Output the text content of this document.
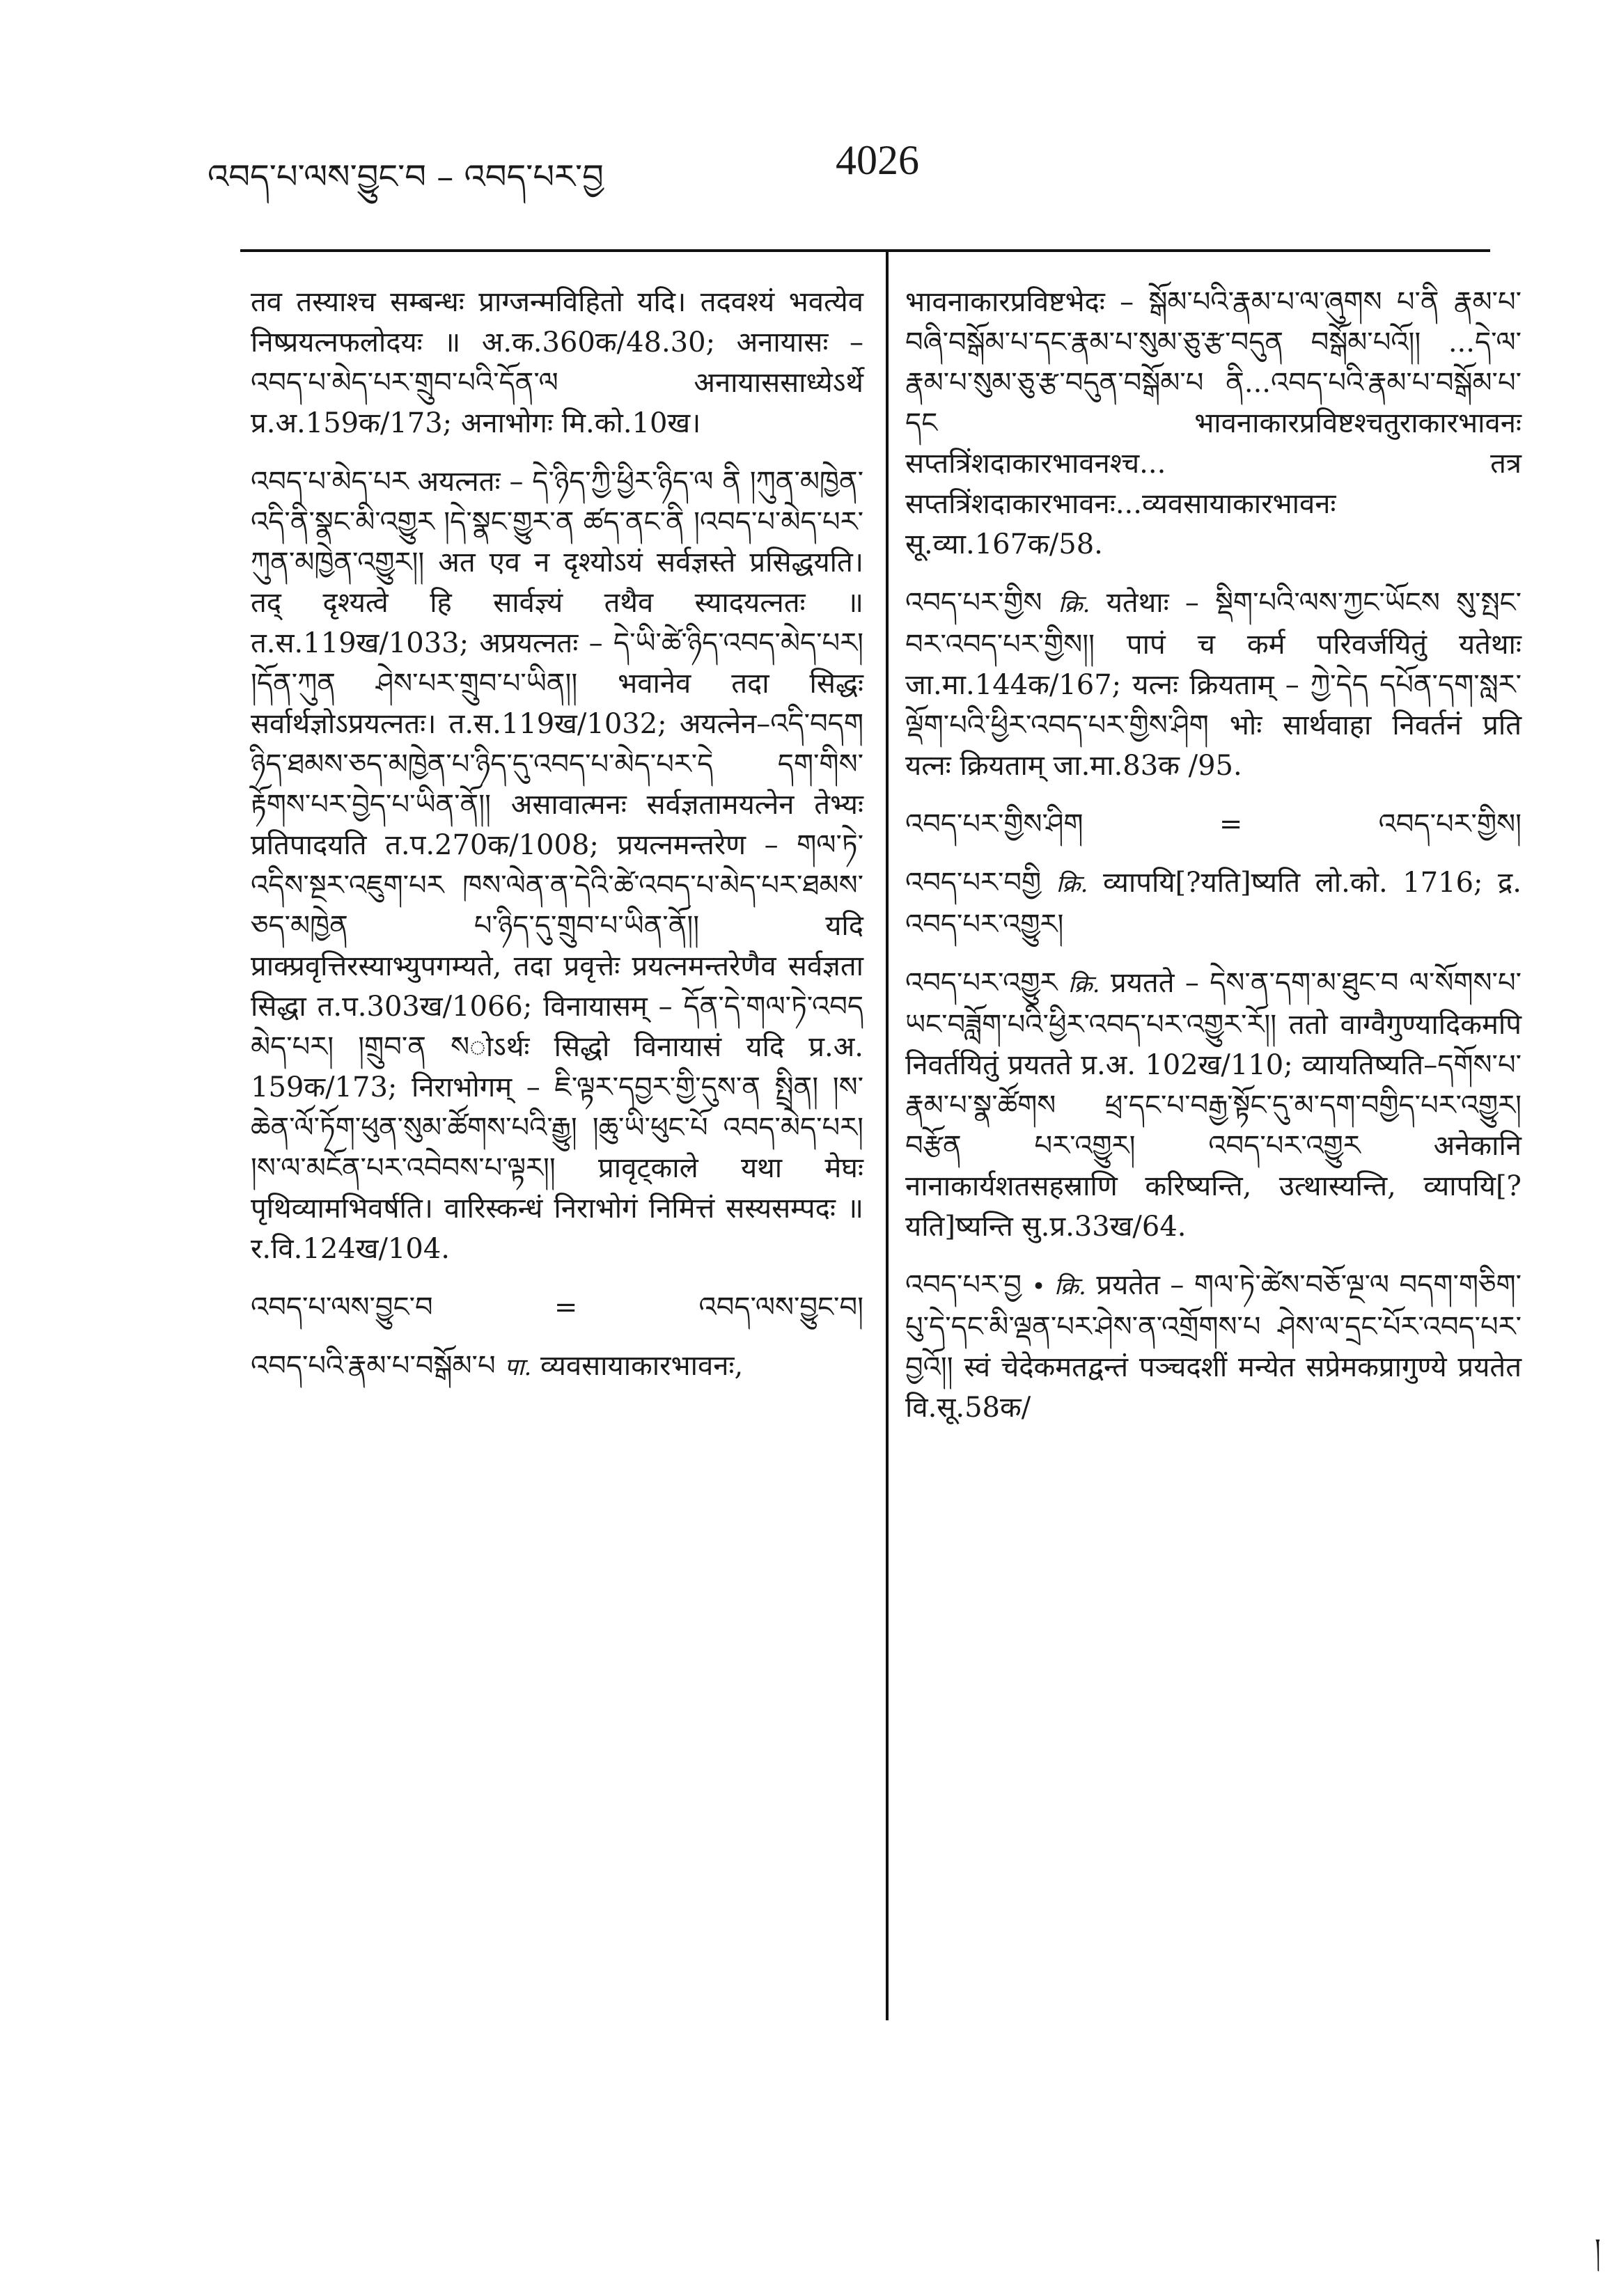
འབད་པ་ལས་བྱུང་བ – འབད་པར་བྱ	4026
तव तस्याश्च सम्बन्धः प्राग्जन्मविहितो यदि। तदवश्यं भवत्येव निष्प्रयत्नफलोदयः ॥ अ.क.360क/48.30; अनायासः – འབད་པ་མེད་པར་གྲུབ་པའི་དོན་ལ अनायाससाध्येऽर्थे प्र.अ.159क/173; अनाभोगः मि.को.10ख।
འབད་པ་མེད་པར अयत्नतः – དེ་ཉིད་ཀྱི་ཕྱིར་ཉིད་ལ ནི །ཀུན་མཁྱེན་འདི་ནི་སྣང་མི་འགྱུར །དེ་སྣང་གྱུར་ན ཚད་ནང་ནི །འབད་པ་མེད་པར་ཀུན་མཁྱེན་འགྱུར།། अत एव न दृश्योऽयं सर्वज्ञस्ते प्रसिद्धयति। तद् दृश्यत्वे हि सार्वज्ञ्यं तथैव स्यादयत्नतः ॥ त.स.119ख/1033; अप्रयत्नतः – དེ་ཡི་ཚེ་ཉིད་འབད་མེད་པར། །དོན་ཀུན ཤེས་པར་གྲུབ་པ་ཡིན།། भवानेव तदा सिद्धः सर्वार्थज्ञोऽप्रयत्नतः। त.स.119ख/1032; अयत्नेन–འདི་བདག ཉིད་ཐམས་ཅད་མཁྱེན་པ་ཉིད་དུ་འབད་པ་མེད་པར་དེ དག་གིས་རྟོགས་པར་བྱེད་པ་ཡིན་ནོ།། असावात्मनः सर्वज्ञतामयत्नेन तेभ्यः प्रतिपादयति त.प.270क/1008; प्रयत्नमन्तरेण – གལ་ཏེ་འདིས་སྔར་འཇུག་པར ཁས་ལེན་ན་དེའི་ཚེ་འབད་པ་མེད་པར་ཐམས་ཅད་མཁྱེན པ་ཉིད་དུ་གྲུབ་པ་ཡིན་ནོ།། यदि प्राक्प्रवृत्तिरस्याभ्युपगम्यते, तदा प्रवृत्तेः प्रयत्नमन्तरेणैव सर्वज्ञता सिद्धा त.प.303ख/1066; विनायासम् – དོན་དེ་གལ་ཏེ་འབད མེད་པར། །གྲུབ་ན སोऽर्थः सिद्धो विनायासं यदि प्र.अ. 159क/173; निराभोगम् – ཇི་ལྟར་དབྱར་གྱི་དུས་ན སྤྲིན། །ས་ཆེན་ལོ་ཏོག་ཕུན་སུམ་ཚོགས་པའི་རྒྱུ། །ཆུ་ཡི་ཕུང་པོ འབད་མེད་པར། །ས་ལ་མངོན་པར་འབེབས་པ་ལྟར།། प्रावृट्काले यथा मेघः पृथिव्यामभिवर्षति। वारिस्कन्धं निराभोगं निमित्तं सस्यसम्पदः ॥ र.वि.124ख/104.
འབད་པ་ལས་བྱུང་བ	=	འབད་ལས་བྱུང་བ།
འབད་པའི་རྣམ་པ་བསྒོམ་པ पा. व्यवसायाकारभावनः,
भावनाकारप्रविष्टभेदः – སྒོམ་པའི་རྣམ་པ་ལ་ཞུགས པ་ནི རྣམ་པ་བཞི་བསྒོམ་པ་དང་རྣམ་པ་སུམ་ཅུ་རྩ་བདུན བསྒོམ་པའོ།། ...དེ་ལ་རྣམ་པ་སུམ་ཅུ་རྩ་བདུན་བསྒོམ་པ ནི...འབད་པའི་རྣམ་པ་བསྒོམ་པ་དང भावनाकारप्रविष्टश्चतुराकारभावनः सप्तत्रिंशदाकारभावनश्च... तत्र सप्तत्रिंशदाकारभावनः...व्यवसायाकारभावनः सू.व्या.167क/58.
འབད་པར་གྱིས क्रि. यतेथाः – སྡིག་པའི་ལས་ཀྱང་ཡོངས སུ་སྤང་བར་འབད་པར་གྱིས།། पापं च कर्म परिवर्जयितुं यतेथाः जा.मा.144क/167; यत्नः क्रियताम् – ཀྱེ་དེད དཔོན་དག་སླར་ལྡོག་པའི་ཕྱིར་འབད་པར་གྱིས་ཤིག भोः सार्थवाहा निवर्तनं प्रति यत्नः क्रियताम् जा.मा.83क /95.
འབད་པར་གྱིས་ཤིག	=	འབད་པར་གྱིས།
འབད་པར་བགྱི क्रि. व्यापयि[?यति]ष्यति लो.को. 1716; द्र. འབད་པར་འགྱུར།
འབད་པར་འགྱུར क्रि. प्रयतते – དེས་ན་དག་མ་ཐུང་བ ལ་སོགས་པ་ཡང་བཟློག་པའི་ཕྱིར་འབད་པར་འགྱུར་རོ།། ततो वाग्वैगुण्यादिकमपि निवर्तयितुं प्रयतते प्र.अ. 102ख/110; व्यायतिष्यति–དགོས་པ་རྣམ་པ་སྣ་ཚོགས ཕྲ་དང་པ་བརྒྱ་སྟོང་དུ་མ་དག་བགྱིད་པར་འགྱུར། བརྩོན པར་འགྱུར། འབད་པར་འགྱུར अनेकानि नानाकार्यशतसहस्राणि करिष्यन्ति, उत्थास्यन्ति, व्यापयि[?यति]ष्यन्ति सु.प्र.33ख/64.
འབད་པར་བྱ • क्रि. प्रयतेत – གལ་ཏེ་ཚེས་བཅོ་ལྔ་ལ བདག་གཅིག་པུ་དེ་དང་མི་ལྡན་པར་ཤེས་ན་འགྲོགས་པ ཤེས་ལ་དྲང་པོར་འབད་པར་བྱའོ།། स्वं चेदेकमतद्वन्तं पञ्चदशीं मन्येत सप्रेमकप्रागुण्ये प्रयतेत वि.सू.58क/
།
